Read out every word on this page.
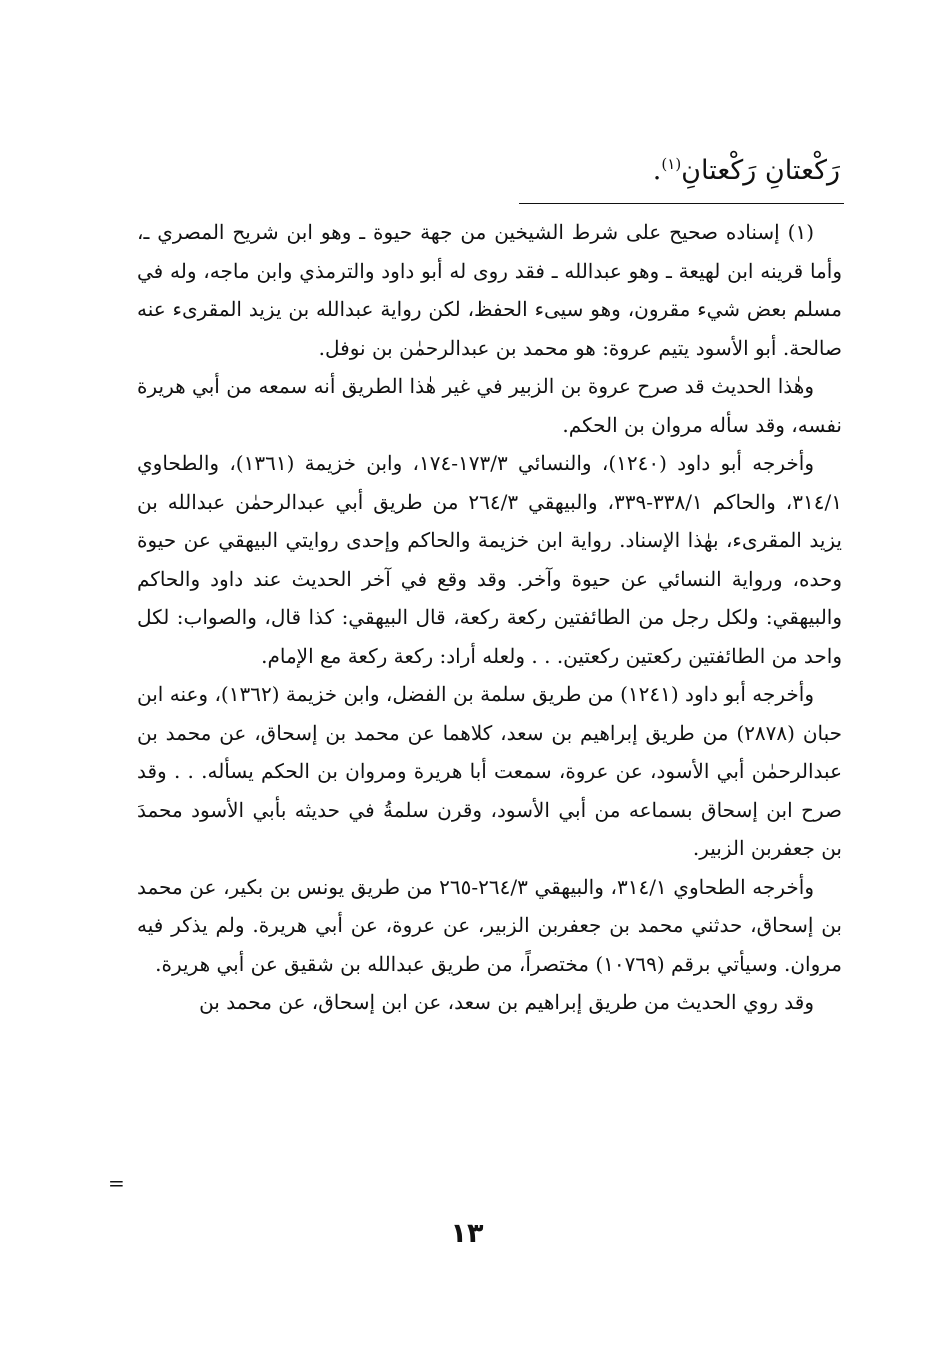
رَكْعتانِ رَكْعتانِ$^{(١)}$.

(١) إسناده صحيح على شرط الشيخين من جهة حيوة ـ وهو ابن شريح المصري ـ، وأما قرينه ابن لهيعة ـ وهو عبدالله ـ فقد روى له أبو داود والترمذي وابن ماجه، وله في مسلم بعض شيء مقرون، وهو سيىء الحفظ، لكن رواية عبدالله بن يزيد المقرىء عنه صالحة. أبو الأسود يتيم عروة: هو محمد بن عبدالرحمٰن بن نوفل.

وهٰذا الحديث قد صرح عروة بن الزبير في غير هٰذا الطريق أنه سمعه من أبي هريرة نفسه، وقد سأله مروان بن الحكم.

وأخرجه أبو داود (١٢٤٠)، والنسائي ١٧٣/٣-١٧٤، وابن خزيمة (١٣٦١)، والطحاوي ٣١٤/١، والحاكم ٣٣٨/١-٣٣٩، والبيهقي ٢٦٤/٣ من طريق أبي عبدالرحمٰن عبدالله بن يزيد المقرىء، بهٰذا الإسناد. رواية ابن خزيمة والحاكم وإحدى روايتي البيهقي عن حيوة وحده، ورواية النسائي عن حيوة وآخر. وقد وقع في آخر الحديث عند داود والحاكم والبيهقي: ولكل رجل من الطائفتين ركعة ركعة، قال البيهقي: كذا قال، والصواب: لكل واحد من الطائفتين ركعتين ركعتين. . . ولعله أراد: ركعة ركعة مع الإمام.

وأخرجه أبو داود (١٢٤١) من طريق سلمة بن الفضل، وابن خزيمة (١٣٦٢)، وعنه ابن حبان (٢٨٧٨) من طريق إبراهيم بن سعد، كلاهما عن محمد بن إسحاق، عن محمد بن عبدالرحمٰن أبي الأسود، عن عروة، سمعت أبا هريرة ومروان بن الحكم يسأله. . . وقد صرح ابن إسحاق بسماعه من أبي الأسود، وقرن سلمةُ في حديثه بأبي الأسود محمدَ بن جعفربن الزبير.

وأخرجه الطحاوي ٣١٤/١، والبيهقي ٢٦٤/٣-٢٦٥ من طريق يونس بن بكير، عن محمد بن إسحاق، حدثني محمد بن جعفربن الزبير، عن عروة، عن أبي هريرة. ولم يذكر فيه مروان. وسيأتي برقم (١٠٧٦٩) مختصراً، من طريق عبدالله بن شقيق عن أبي هريرة.

وقد روي الحديث من طريق إبراهيم بن سعد، عن ابن إسحاق، عن محمد بن

=
١٣
